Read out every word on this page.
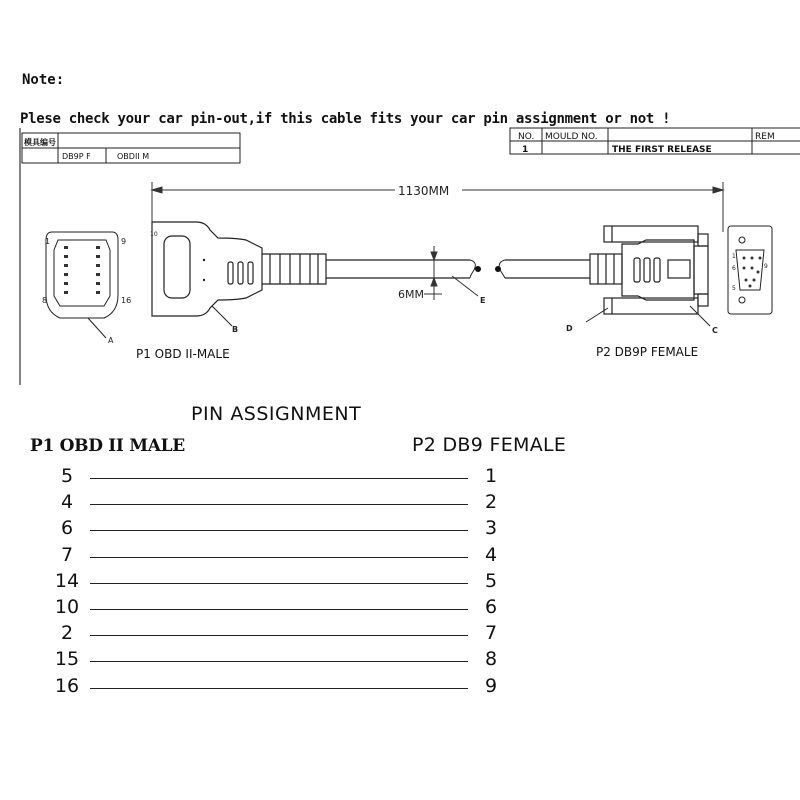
Note:
Plese check your car pin-out,if this cable fits your car pin assignment or not !
模具编号
DB9P F	OBDII M
NO. MOULD NO.	REM
1	THE FIRST RELEASE
1130MM
1	9
8	16
A
10
B
6MM	E
D	C
1
6
5
9
P1 OBD II-MALE	P2 DB9P FEMALE
PIN ASSIGNMENT
P1 OBD II MALE	P2 DB9 FEMALE
5	1
4	2
6	3
7	4
14	5
10	6
2	7
15	8
16	9
